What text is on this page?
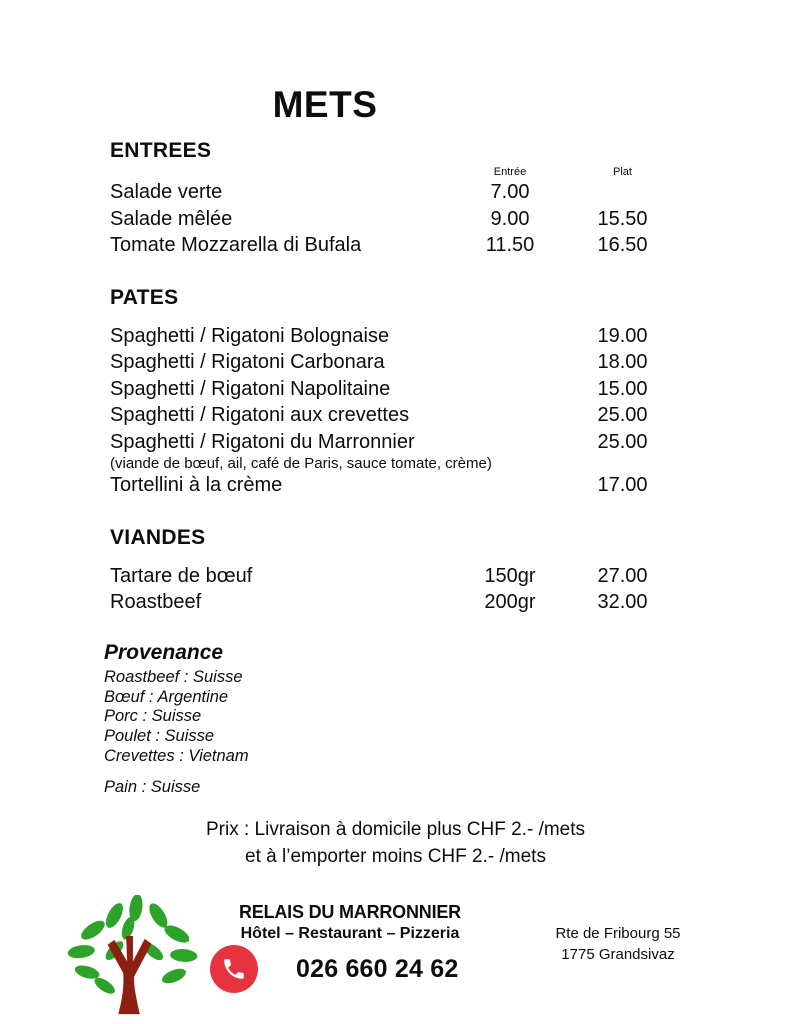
METS
ENTREES
Entrée	Plat
Salade verte	7.00
Salade mêlée	9.00	15.50
Tomate Mozzarella di Bufala	11.50	16.50
PATES
Spaghetti / Rigatoni Bolognaise	19.00
Spaghetti / Rigatoni Carbonara	18.00
Spaghetti / Rigatoni Napolitaine	15.00
Spaghetti / Rigatoni aux crevettes	25.00
Spaghetti / Rigatoni du Marronnier	25.00
(viande de bœuf, ail, café de Paris, sauce tomate, crème)
Tortellini à la crème	17.00
VIANDES
Tartare de bœuf	150gr	27.00
Roastbeef	200gr	32.00
Provenance
Roastbeef : Suisse
Bœuf : Argentine
Porc : Suisse
Poulet : Suisse
Crevettes : Vietnam
Pain : Suisse
Prix : Livraison à domicile plus CHF 2.- /mets
et à l’emporter moins CHF 2.- /mets
RELAIS DU MARRONNIER
Hôtel – Restaurant – Pizzeria
026 660 24 62
Rte de Fribourg 55
1775 Grandsivaz
